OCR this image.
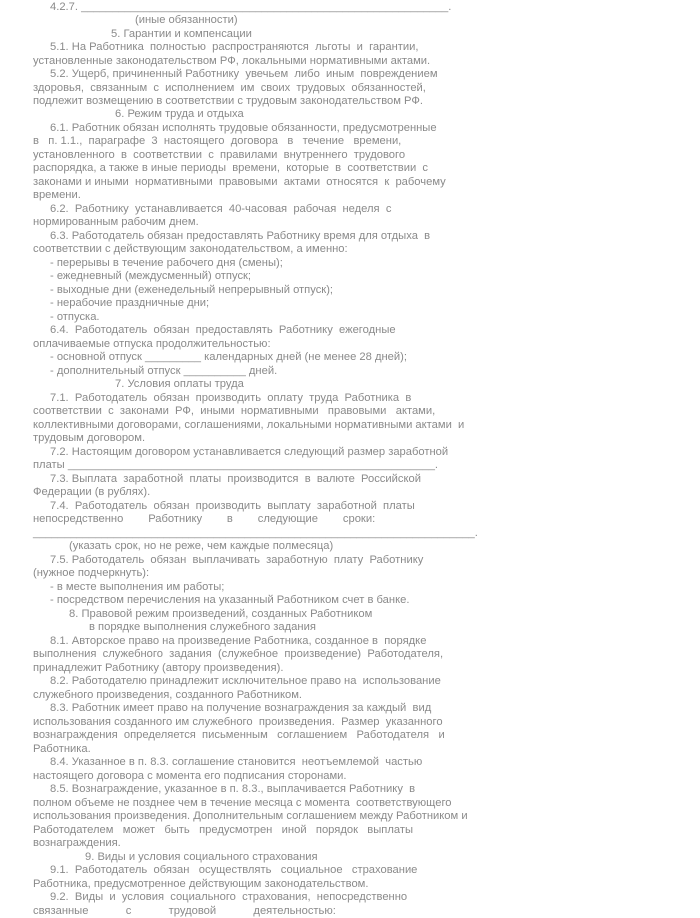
4.2.7. ___________________________________________________________.
(иные обязанности)
5. Гарантии и компенсации
5.1. На Работника  полностью  распространяются  льготы  и  гарантии,
установленные законодательством РФ, локальными нормативными актами.
5.2. Ущерб, причиненный Работнику  увечьем  либо  иным  повреждением
здоровья,  связанным  с  исполнением  им  своих  трудовых  обязанностей,
подлежит возмещению в соответствии с трудовым законодательством РФ.
6. Режим труда и отдыха
6.1. Работник обязан исполнять трудовые обязанности, предусмотренные
в   п. 1.1.,  параграфе  3  настоящего  договора   в   течение   времени,
установленного  в  соответствии  с  правилами  внутреннего  трудового
распорядка, а также в иные периоды  времени,  которые  в  соответствии  с
законами и иными  нормативными  правовыми  актами  относятся  к  рабочему
времени.
6.2.  Работнику  устанавливается  40-часовая  рабочая  неделя  с
нормированным рабочим днем.
6.3. Работодатель обязан предоставлять Работнику время для отдыха  в
соответствии с действующим законодательством, а именно:
- перерывы в течение рабочего дня (смены);
- ежедневный (междусменный) отпуск;
- выходные дни (еженедельный непрерывный отпуск);
- нерабочие праздничные дни;
- отпуска.
6.4.  Работодатель  обязан  предоставлять  Работнику  ежегодные
оплачиваемые отпуска продолжительностью:
- основной отпуск _________ календарных дней (не менее 28 дней);
- дополнительный отпуск __________ дней.
7. Условия оплаты труда
7.1.  Работодатель  обязан  производить  оплату  труда  Работника  в
соответствии  с  законами  РФ,  иными  нормативными   правовыми   актами,
коллективными договорами, соглашениями, локальными нормативными актами  и
трудовым договором.
7.2. Настоящим договором устанавливается следующий размер заработной
платы ___________________________________________________________.
7.3. Выплата  заработной  платы  производится  в  валюте  Российской
Федерации (в рублях).
7.4.  Работодатель  обязан  производить  выплату  заработной  платы
непосредственно        Работнику        в        следующие        сроки:
_______________________________________________________________________.
(указать срок, но не реже, чем каждые полмесяца)
7.5. Работодатель  обязан  выплачивать  заработную  плату  Работнику
(нужное подчеркнуть):
- в месте выполнения им работы;
- посредством перечисления на указанный Работником счет в банке.
8. Правовой режим произведений, созданных Работником
в порядке выполнения служебного задания
8.1. Авторское право на произведение Работника, созданное в  порядке
выполнения  служебного  задания  (служебное  произведение)  Работодателя,
принадлежит Работнику (автору произведения).
8.2. Работодателю принадлежит исключительное право на  использование
служебного произведения, созданного Работником.
8.3. Работник имеет право на получение вознаграждения за каждый  вид
использования созданного им служебного  произведения.  Размер  указанного
вознаграждения  определяется  письменным   соглашением   Работодателя   и
Работника.
8.4. Указанное в п. 8.3. соглашение становится  неотъемлемой  частью
настоящего договора с момента его подписания сторонами.
8.5. Вознаграждение, указанное в п. 8.3., выплачивается Работнику  в
полном объеме не позднее чем в течение месяца с момента  соответствующего
использования произведения. Дополнительным соглашением между Работником и
Работодателем   может   быть   предусмотрен   иной   порядок   выплаты
вознаграждения.
9. Виды и условия социального страхования
9.1.  Работодатель  обязан   осуществлять   социальное   страхование
Работника, предусмотренное действующим законодательством.
9.2.  Виды  и  условия  социального  страхования,  непосредственно
связанные            с            трудовой            деятельностью:
